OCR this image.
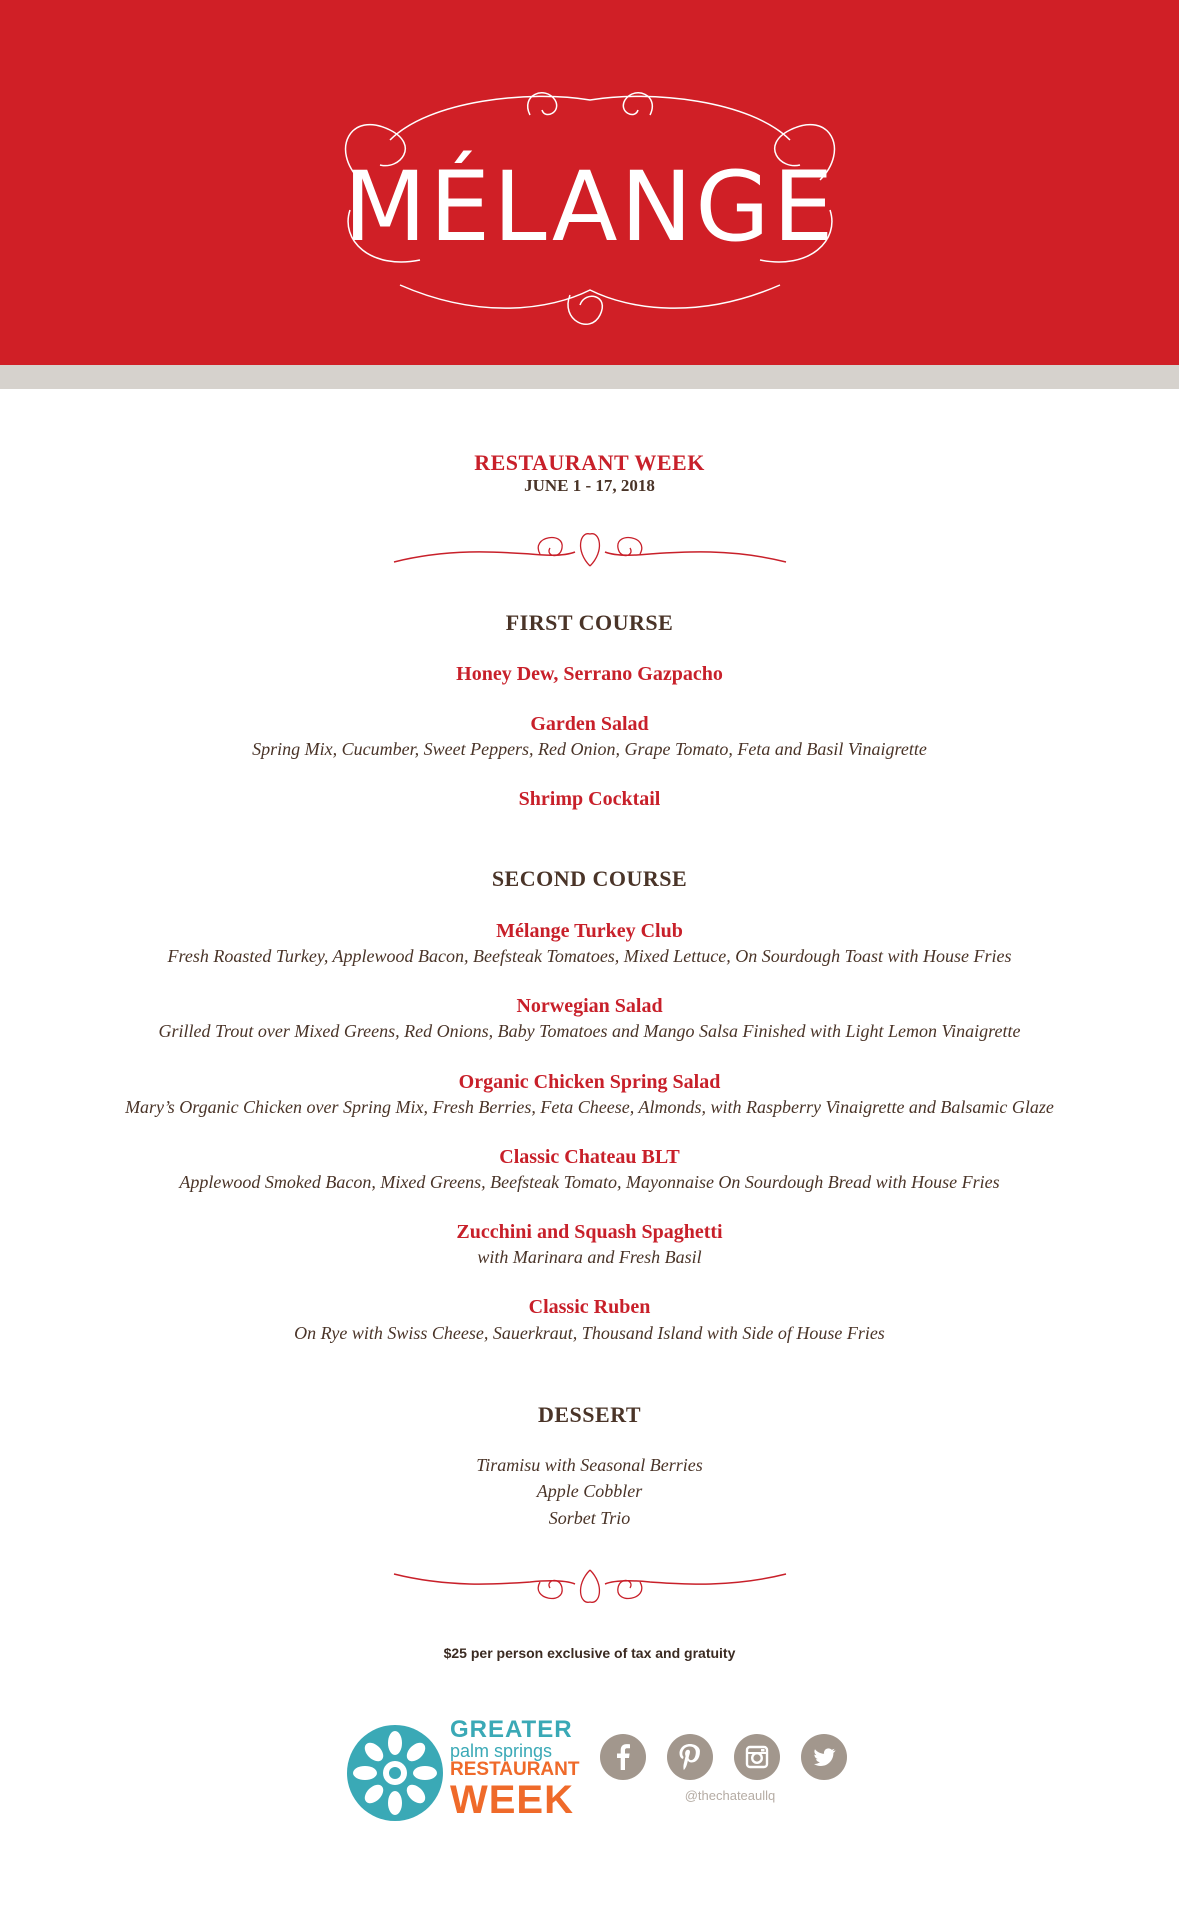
MÉLANGE
RESTAURANT WEEK
JUNE 1 - 17, 2018
FIRST COURSE
Honey Dew, Serrano Gazpacho
Garden Salad
Spring Mix, Cucumber, Sweet Peppers, Red Onion, Grape Tomato, Feta and Basil Vinaigrette
Shrimp Cocktail
SECOND COURSE
Mélange Turkey Club
Fresh Roasted Turkey, Applewood Bacon, Beefsteak Tomatoes, Mixed Lettuce, On Sourdough Toast with House Fries
Norwegian Salad
Grilled Trout over Mixed Greens, Red Onions, Baby Tomatoes and Mango Salsa Finished with Light Lemon Vinaigrette
Organic Chicken Spring Salad
Mary’s Organic Chicken over Spring Mix, Fresh Berries, Feta Cheese, Almonds, with Raspberry Vinaigrette and Balsamic Glaze
Classic Chateau BLT
Applewood Smoked Bacon, Mixed Greens, Beefsteak Tomato, Mayonnaise On Sourdough Bread with House Fries
Zucchini and Squash Spaghetti
with Marinara and Fresh Basil
Classic Ruben
On Rye with Swiss Cheese, Sauerkraut, Thousand Island with Side of House Fries
DESSERT
Tiramisu with Seasonal Berries
Apple Cobbler
Sorbet Trio
$25 per person exclusive of tax and gratuity
GREATER
palm springs
RESTAURANT
WEEK	@thechateaullq
